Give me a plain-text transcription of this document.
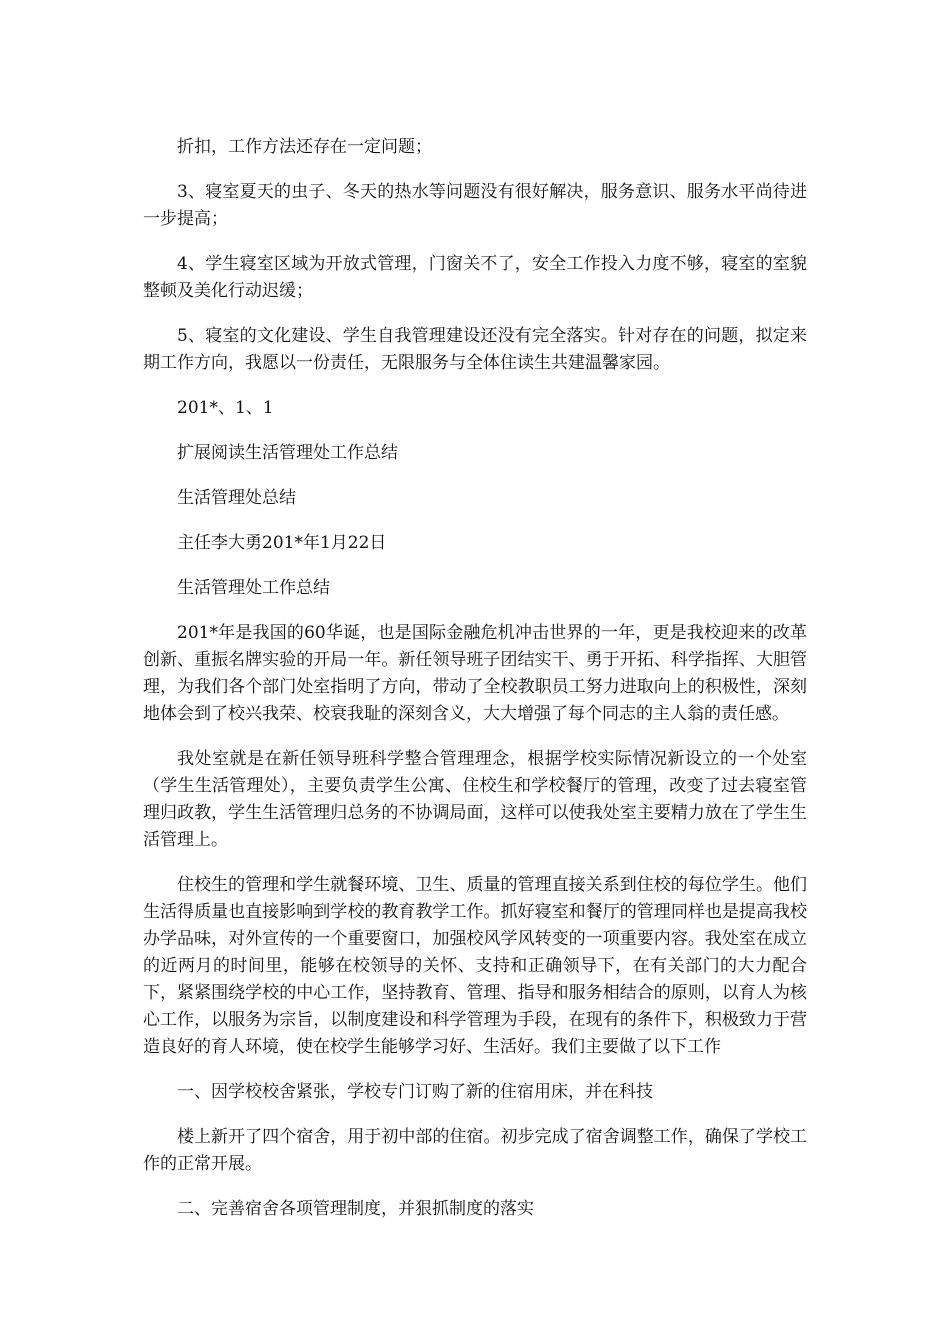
折扣，工作方法还存在一定问题；

3、寝室夏天的虫子、冬天的热水等问题没有很好解决，服务意识、服务水平尚待进一步提高；

4、学生寝室区域为开放式管理，门窗关不了，安全工作投入力度不够，寝室的室貌整顿及美化行动迟缓；

5、寝室的文化建设、学生自我管理建设还没有完全落实。针对存在的问题，拟定来期工作方向，我愿以一份责任，无限服务与全体住读生共建温馨家园。

201*、1、1

扩展阅读生活管理处工作总结

生活管理处总结

主任李大勇201*年1月22日

生活管理处工作总结

201*年是我国的60华诞，也是国际金融危机冲击世界的一年，更是我校迎来的改革创新、重振名牌实验的开局一年。新任领导班子团结实干、勇于开拓、科学指挥、大胆管理，为我们各个部门处室指明了方向，带动了全校教职员工努力进取向上的积极性，深刻地体会到了校兴我荣、校衰我耻的深刻含义，大大增强了每个同志的主人翁的责任感。

我处室就是在新任领导班科学整合管理理念，根据学校实际情况新设立的一个处室（学生生活管理处），主要负责学生公寓、住校生和学校餐厅的管理，改变了过去寝室管理归政教，学生生活管理归总务的不协调局面，这样可以使我处室主要精力放在了学生生活管理上。

住校生的管理和学生就餐环境、卫生、质量的管理直接关系到住校的每位学生。他们生活得质量也直接影响到学校的教育教学工作。抓好寝室和餐厅的管理同样也是提高我校办学品味，对外宣传的一个重要窗口，加强校风学风转变的一项重要内容。我处室在成立的近两月的时间里，能够在校领导的关怀、支持和正确领导下，在有关部门的大力配合下，紧紧围绕学校的中心工作，坚持教育、管理、指导和服务相结合的原则，以育人为核心工作，以服务为宗旨，以制度建设和科学管理为手段，在现有的条件下，积极致力于营造良好的育人环境，使在校学生能够学习好、生活好。我们主要做了以下工作

一、因学校校舍紧张，学校专门订购了新的住宿用床，并在科技

楼上新开了四个宿舍，用于初中部的住宿。初步完成了宿舍调整工作，确保了学校工作的正常开展。

二、完善宿舍各项管理制度，并狠抓制度的落实
